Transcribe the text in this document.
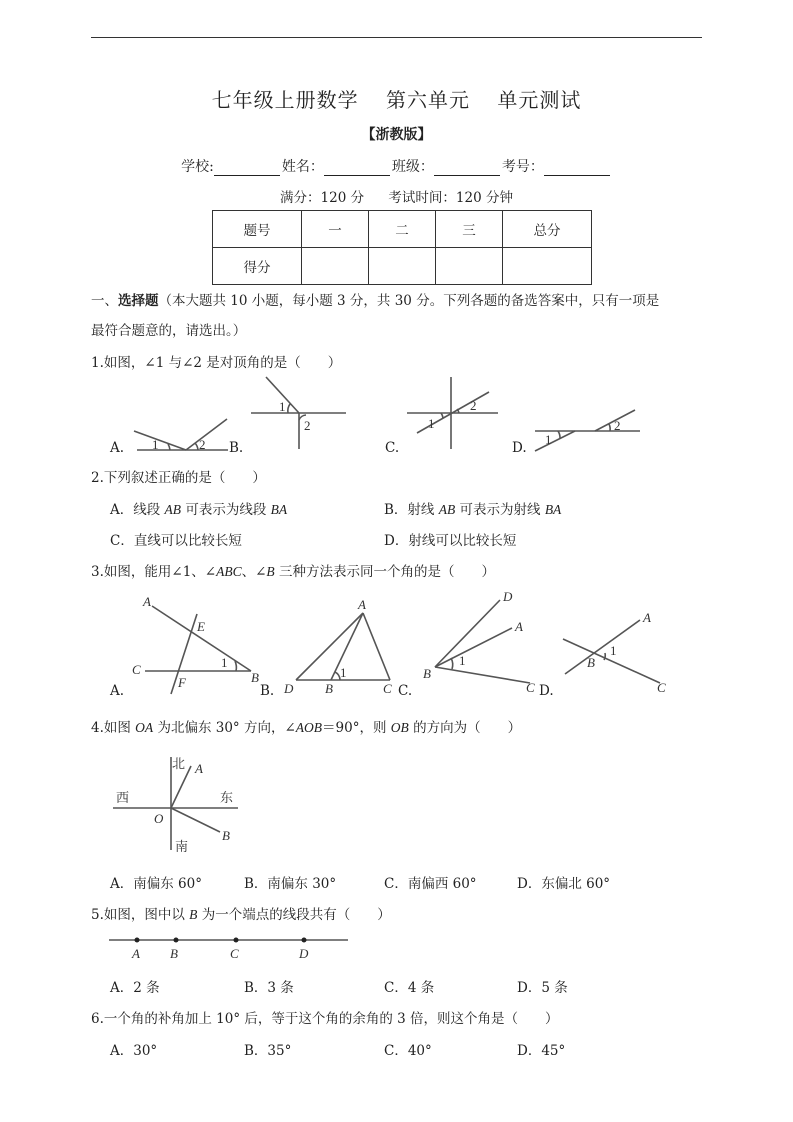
七年级上册数学 第六单元 单元测试
【浙教版】
学校:	姓名：	班级：	考号：
满分：120 分 考试时间：120 分钟
题号	一	二	三	总分
得分				
一、选择题（本大题共 10 小题，每小题 3 分，共 30 分。下列各题的备选答案中，只有一项是
最符合题意的，请选出。）
1.如图，∠1 与∠2 是对顶角的是（　　）
A.	B.	C.	D.
1	2
1
2	1
2
1
2
A
E
C	1
B
F
A
1
D B	C
D
A
B
1
C
A
1
B
C
北
南
西	东
O
A
B
A B	C	D
2.下列叙述正确的是（　　）
A．线段 AB 可表示为线段 BA	B．射线 AB 可表示为射线 BA
C．直线可以比较长短	D．射线可以比较长短
3.如图，能用∠1、∠ABC、∠B 三种方法表示同一个角的是（　　）
A.	B.	C.	D.
4.如图 OA 为北偏东 30° 方向，∠AOB＝90°，则 OB 的方向为（　　）
A．南偏东 60°	B．南偏东 30°	C．南偏西 60°	D．东偏北 60°
5.如图，图中以 B 为一个端点的线段共有（　　）
A．2 条	B．3 条	C．4 条	D．5 条
6.一个角的补角加上 10° 后，等于这个角的余角的 3 倍，则这个角是（　　）
A．30°	B．35°	C．40°	D．45°
